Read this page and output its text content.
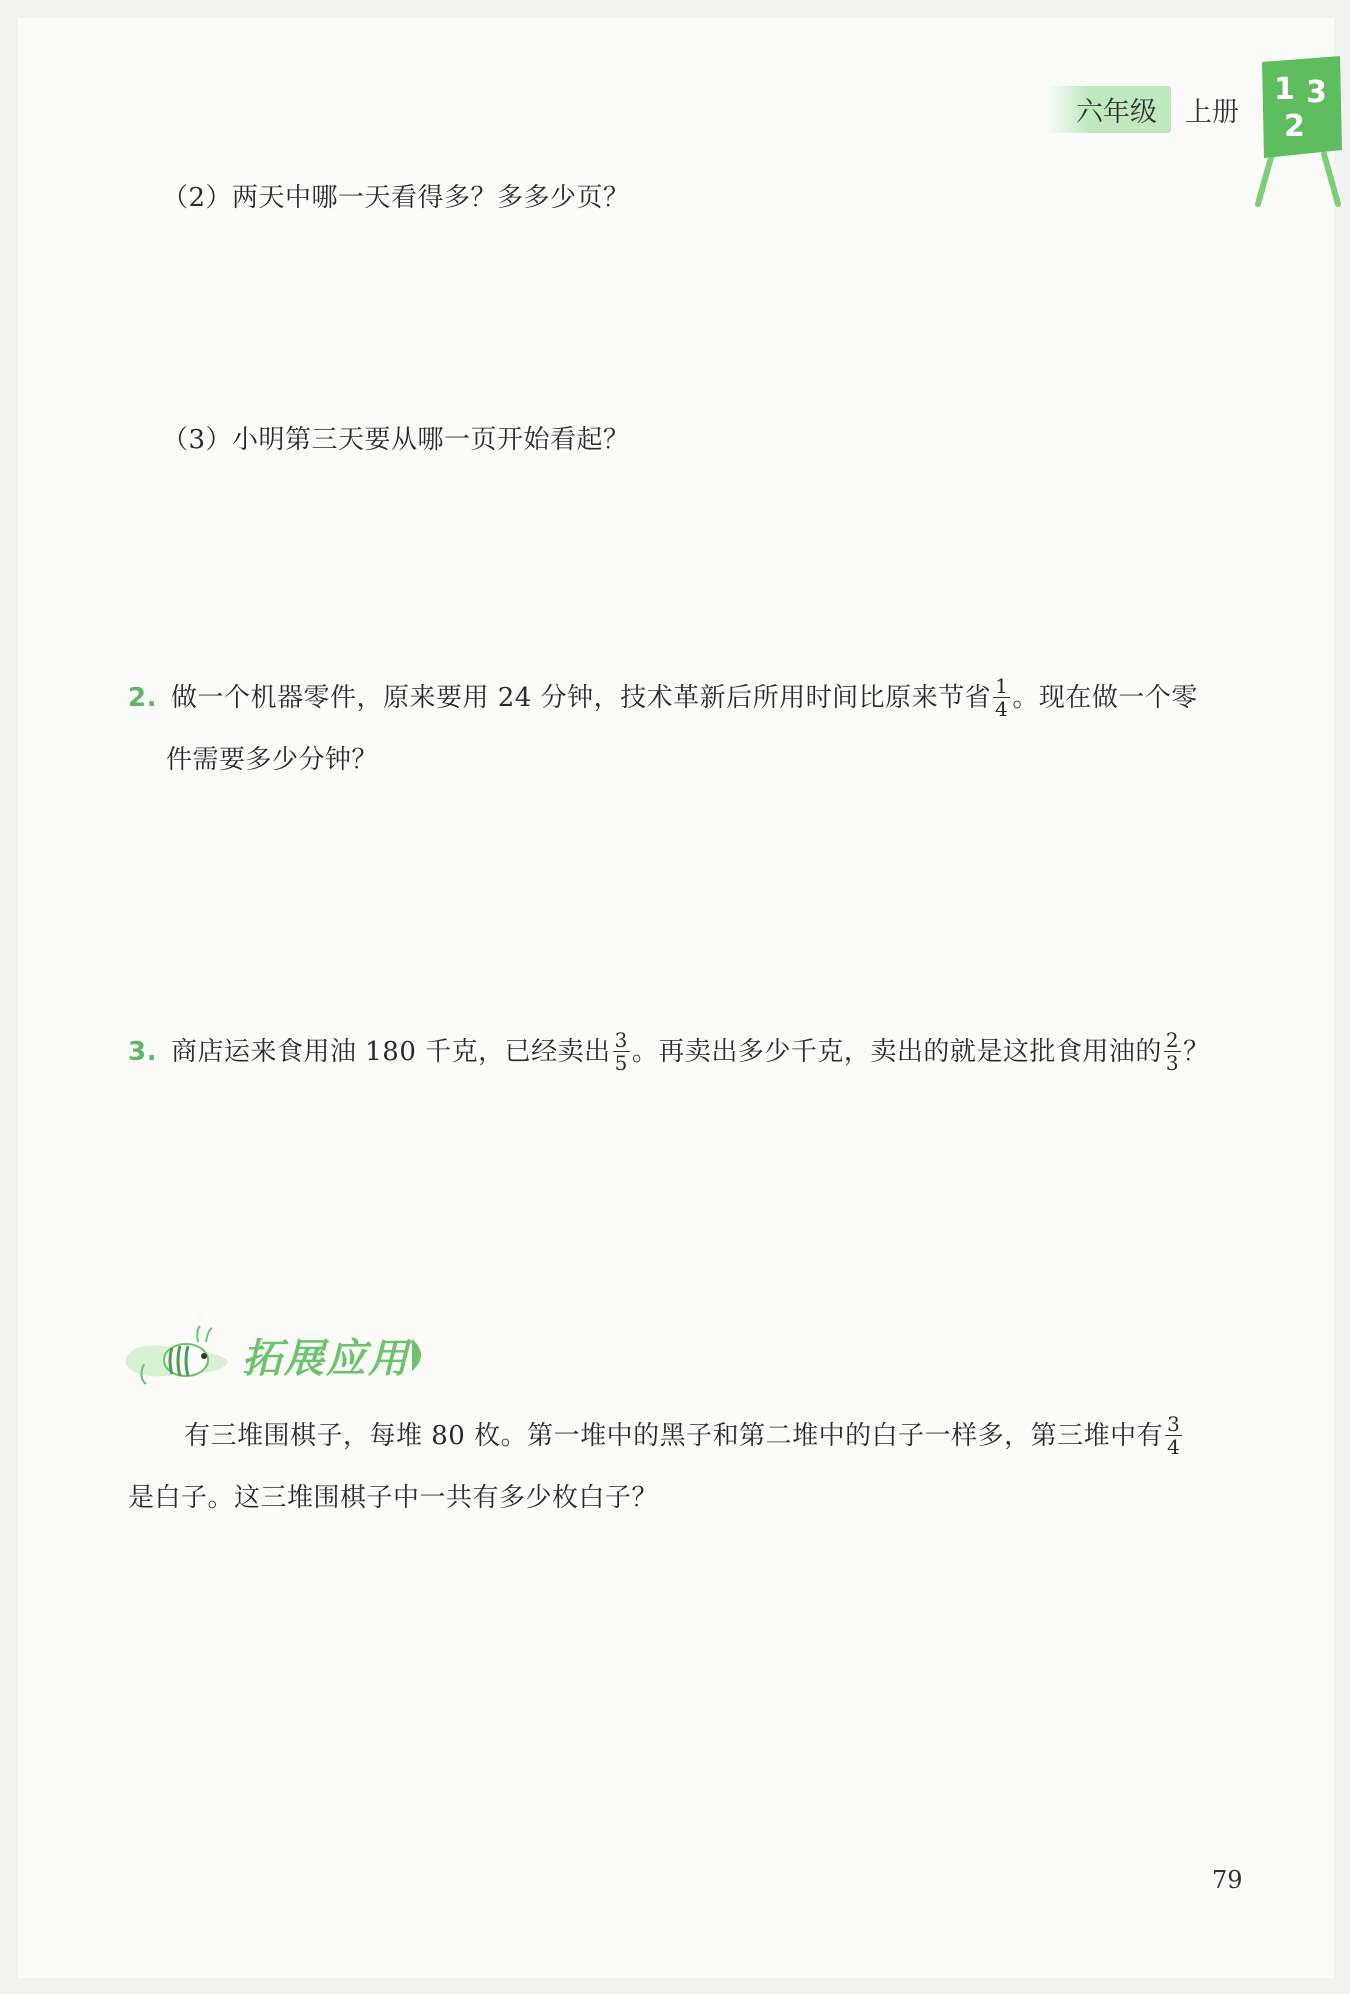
六年级	上册
1 3
2
（2）两天中哪一天看得多？多多少页？
（3）小明第三天要从哪一页开始看起？
2. 做一个机器零件，原来要用 24 分钟，技术革新后所用时间比原来节省 $\frac{1}{4}$ 。现在做一个零
件需要多少分钟？
3. 商店运来食用油 180 千克，已经卖出 $\frac{3}{5}$ 。再卖出多少千克，卖出的就是这批食用油的 $\frac{2}{3}$ ？
拓展应用
有三堆围棋子，每堆 80 枚。第一堆中的黑子和第二堆中的白子一样多，第三堆中有 $\frac{3}{4}$
是白子。这三堆围棋子中一共有多少枚白子？
79
